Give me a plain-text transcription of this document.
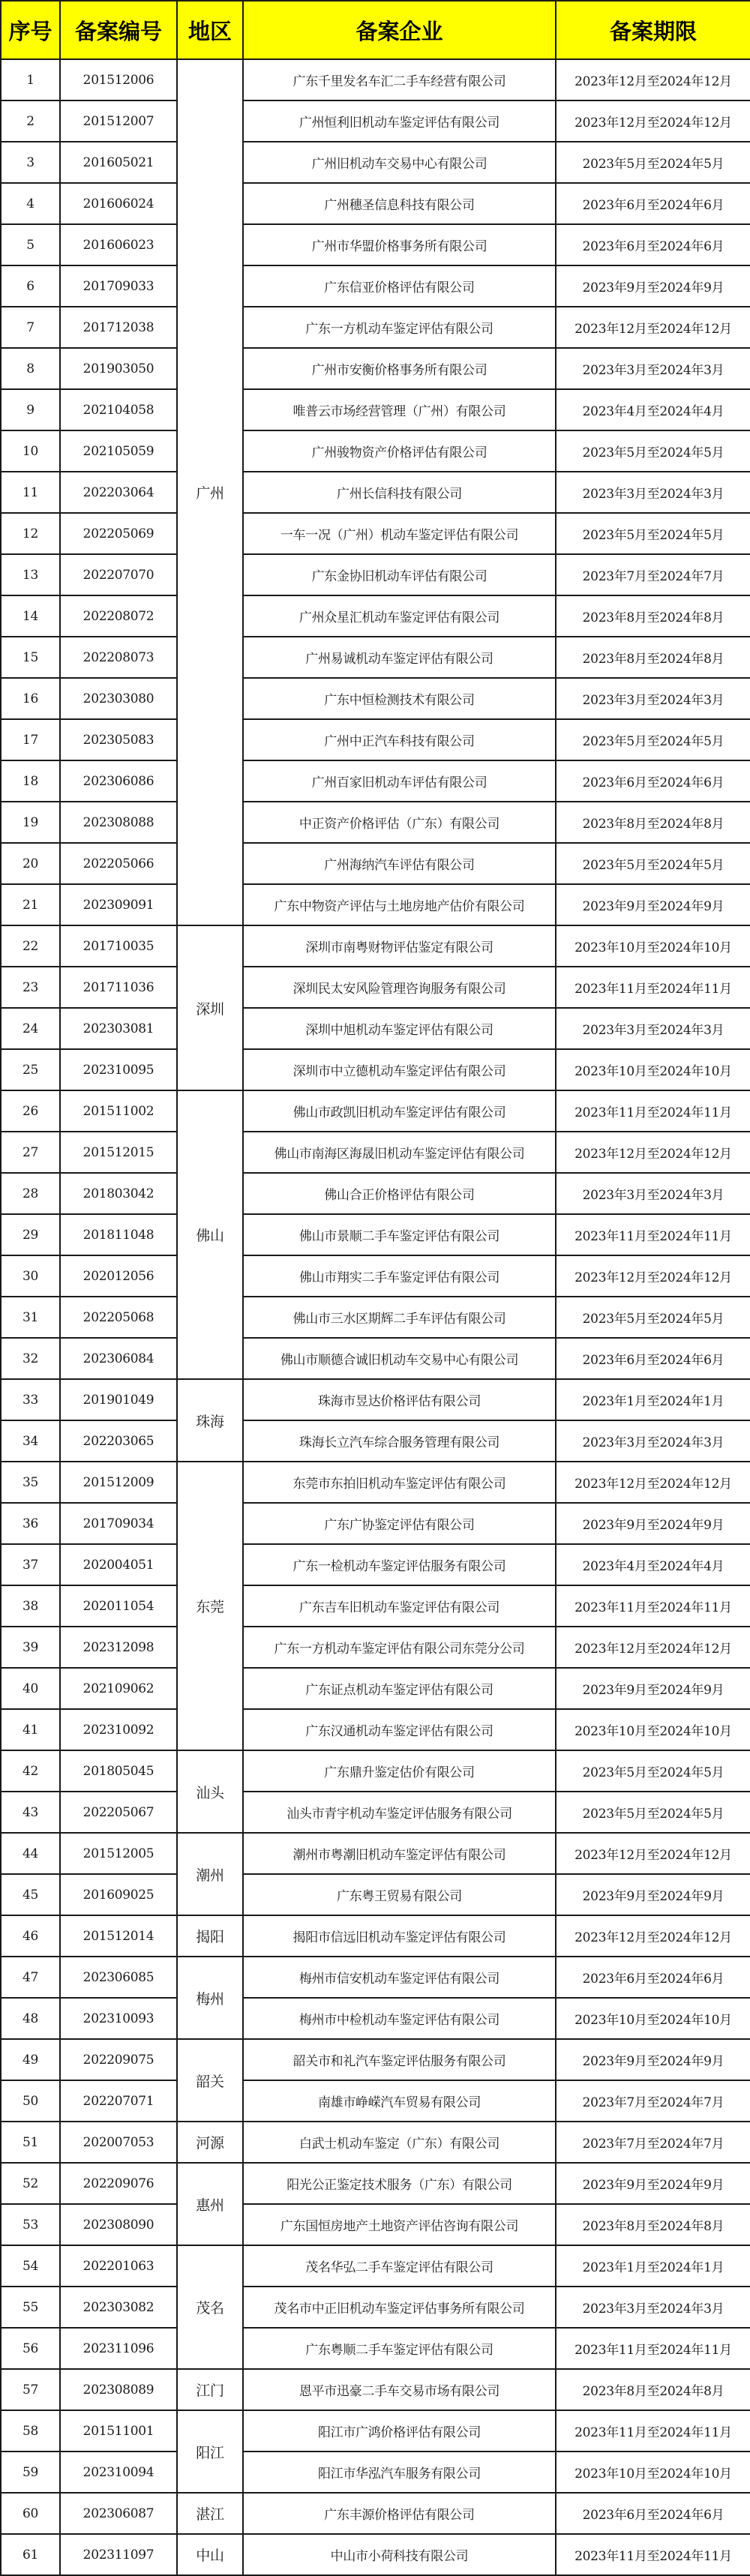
序号	备案编号	地区	备案企业	备案期限
1	201512006	广州	广东千里发名车汇二手车经营有限公司	2023年12月至2024年12月
2	201512007		广州恒利旧机动车鉴定评估有限公司	2023年12月至2024年12月
3	201605021		广州旧机动车交易中心有限公司	2023年5月至2024年5月
4	201606024		广州穗圣信息科技有限公司	2023年6月至2024年6月
5	201606023		广州市华盟价格事务所有限公司	2023年6月至2024年6月
6	201709033		广东信亚价格评估有限公司	2023年9月至2024年9月
7	201712038		广东一方机动车鉴定评估有限公司	2023年12月至2024年12月
8	201903050		广州市安衡价格事务所有限公司	2023年3月至2024年3月
9	202104058		唯普云市场经营管理（广州）有限公司	2023年4月至2024年4月
10	202105059		广州骏物资产价格评估有限公司	2023年5月至2024年5月
11	202203064		广州长信科技有限公司	2023年3月至2024年3月
12	202205069		一车一况（广州）机动车鉴定评估有限公司	2023年5月至2024年5月
13	202207070		广东金协旧机动车评估有限公司	2023年7月至2024年7月
14	202208072		广州众星汇机动车鉴定评估有限公司	2023年8月至2024年8月
15	202208073		广州易诚机动车鉴定评估有限公司	2023年8月至2024年8月
16	202303080		广东中恒检测技术有限公司	2023年3月至2024年3月
17	202305083		广州中正汽车科技有限公司	2023年5月至2024年5月
18	202306086		广州百家旧机动车评估有限公司	2023年6月至2024年6月
19	202308088		中正资产价格评估（广东）有限公司	2023年8月至2024年8月
20	202205066		广州海纳汽车评估有限公司	2023年5月至2024年5月
21	202309091		广东中物资产评估与土地房地产估价有限公司	2023年9月至2024年9月
22	201710035	深圳	深圳市南粤财物评估鉴定有限公司	2023年10月至2024年10月
23	201711036		深圳民太安风险管理咨询服务有限公司	2023年11月至2024年11月
24	202303081		深圳中旭机动车鉴定评估有限公司	2023年3月至2024年3月
25	202310095		深圳市中立德机动车鉴定评估有限公司	2023年10月至2024年10月
26	201511002	佛山	佛山市政凯旧机动车鉴定评估有限公司	2023年11月至2024年11月
27	201512015		佛山市南海区海晟旧机动车鉴定评估有限公司	2023年12月至2024年12月
28	201803042		佛山合正价格评估有限公司	2023年3月至2024年3月
29	201811048		佛山市景顺二手车鉴定评估有限公司	2023年11月至2024年11月
30	202012056		佛山市翔实二手车鉴定评估有限公司	2023年12月至2024年12月
31	202205068		佛山市三水区期辉二手车评估有限公司	2023年5月至2024年5月
32	202306084		佛山市顺德合诚旧机动车交易中心有限公司	2023年6月至2024年6月
33	201901049	珠海	珠海市昱达价格评估有限公司	2023年1月至2024年1月
34	202203065		珠海长立汽车综合服务管理有限公司	2023年3月至2024年3月
35	201512009	东莞	东莞市东拍旧机动车鉴定评估有限公司	2023年12月至2024年12月
36	201709034		广东广协鉴定评估有限公司	2023年9月至2024年9月
37	202004051		广东一检机动车鉴定评估服务有限公司	2023年4月至2024年4月
38	202011054		广东吉车旧机动车鉴定评估有限公司	2023年11月至2024年11月
39	202312098		广东一方机动车鉴定评估有限公司东莞分公司	2023年12月至2024年12月
40	202109062		广东证点机动车鉴定评估有限公司	2023年9月至2024年9月
41	202310092		广东汉通机动车鉴定评估有限公司	2023年10月至2024年10月
42	201805045	汕头	广东鼎升鉴定估价有限公司	2023年5月至2024年5月
43	202205067		汕头市青宇机动车鉴定评估服务有限公司	2023年5月至2024年5月
44	201512005	潮州	潮州市粤潮旧机动车鉴定评估有限公司	2023年12月至2024年12月
45	201609025		广东粤王贸易有限公司	2023年9月至2024年9月
46	201512014	揭阳	揭阳市信远旧机动车鉴定评估有限公司	2023年12月至2024年12月
47	202306085	梅州	梅州市信安机动车鉴定评估有限公司	2023年6月至2024年6月
48	202310093		梅州市中检机动车鉴定评估有限公司	2023年10月至2024年10月
49	202209075	韶关	韶关市和礼汽车鉴定评估服务有限公司	2023年9月至2024年9月
50	202207071		南雄市峥嵘汽车贸易有限公司	2023年7月至2024年7月
51	202007053	河源	白武士机动车鉴定（广东）有限公司	2023年7月至2024年7月
52	202209076	惠州	阳光公正鉴定技术服务（广东）有限公司	2023年9月至2024年9月
53	202308090		广东国恒房地产土地资产评估咨询有限公司	2023年8月至2024年8月
54	202201063	茂名	茂名华弘二手车鉴定评估有限公司	2023年1月至2024年1月
55	202303082		茂名市中正旧机动车鉴定评估事务所有限公司	2023年3月至2024年3月
56	202311096		广东粤顺二手车鉴定评估有限公司	2023年11月至2024年11月
57	202308089	江门	恩平市迅豪二手车交易市场有限公司	2023年8月至2024年8月
58	201511001	阳江	阳江市广鸿价格评估有限公司	2023年11月至2024年11月
59	202310094		阳江市华泓汽车服务有限公司	2023年10月至2024年10月
60	202306087	湛江	广东丰源价格评估有限公司	2023年6月至2024年6月
61	202311097	中山	中山市小荷科技有限公司	2023年11月至2024年11月
